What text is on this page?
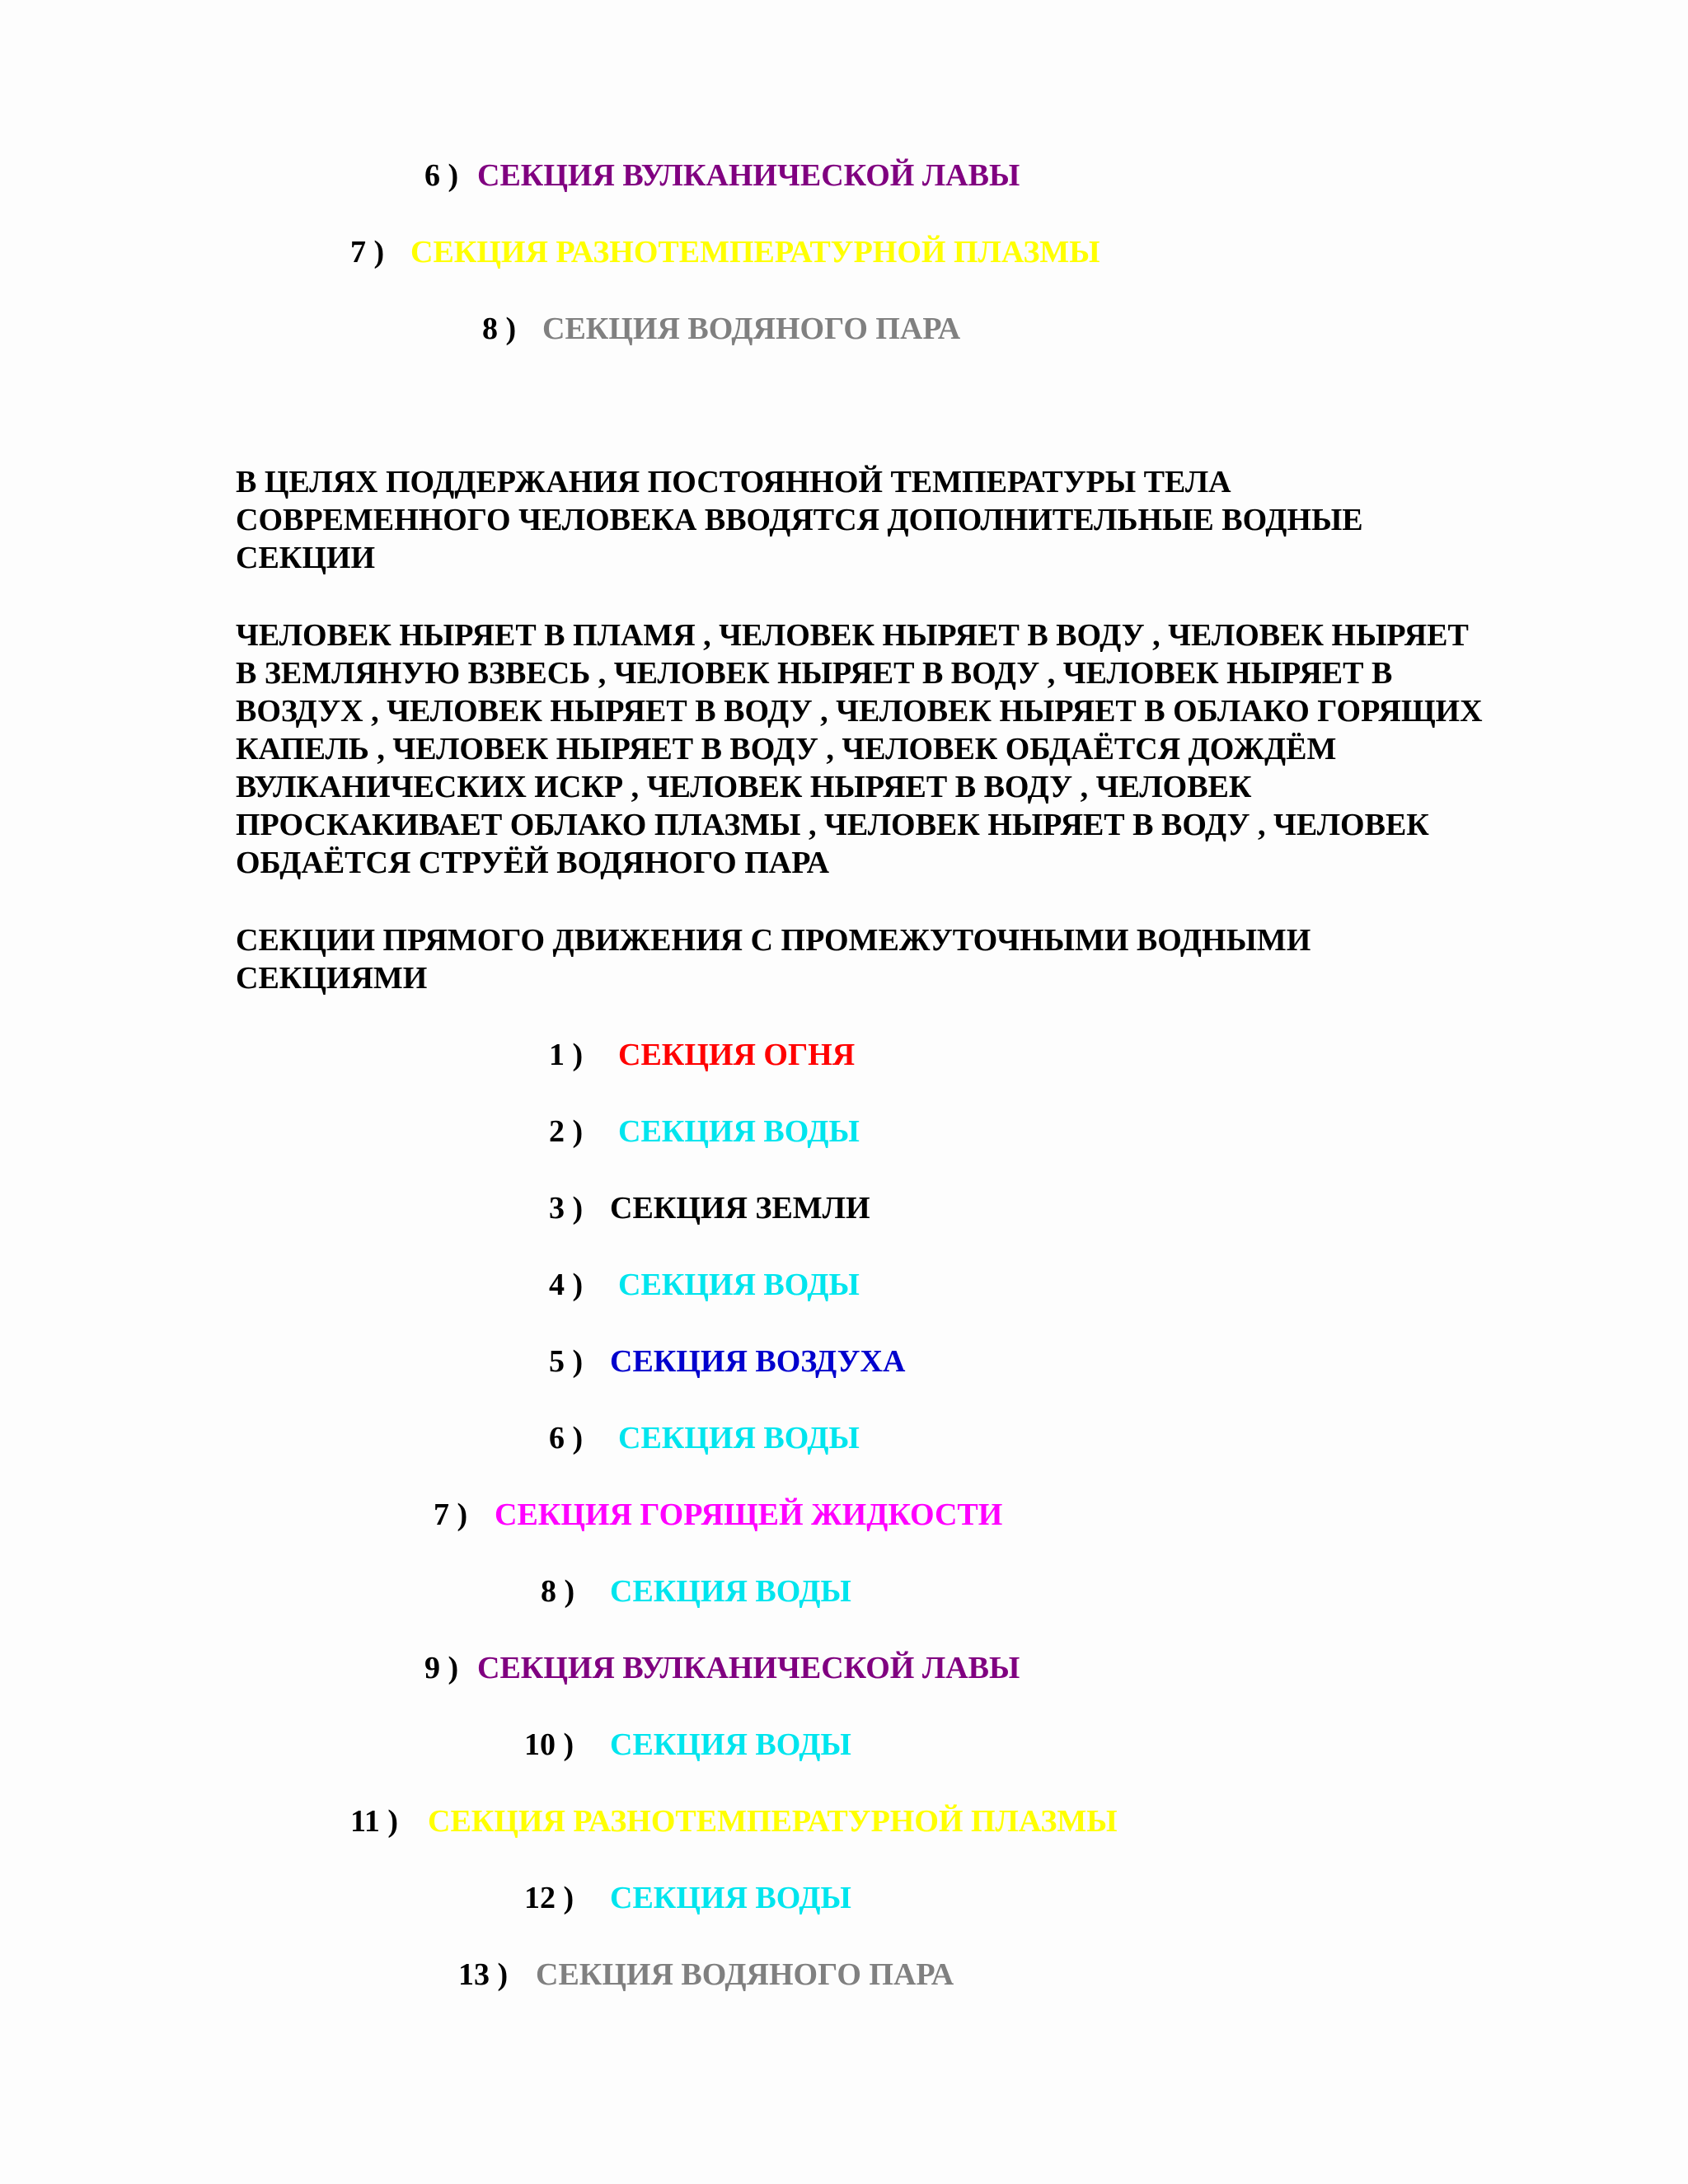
6 ) СЕКЦИЯ ВУЛКАНИЧЕСКОЙ ЛАВЫ
7 ) СЕКЦИЯ РАЗНОТЕМПЕРАТУРНОЙ ПЛАЗМЫ
8 ) СЕКЦИЯ ВОДЯНОГО ПАРА
В ЦЕЛЯХ ПОДДЕРЖАНИЯ ПОСТОЯННОЙ ТЕМПЕРАТУРЫ ТЕЛА
СОВРЕМЕННОГО ЧЕЛОВЕКА ВВОДЯТСЯ ДОПОЛНИТЕЛЬНЫЕ ВОДНЫЕ
СЕКЦИИ
ЧЕЛОВЕК НЫРЯЕТ В ПЛАМЯ , ЧЕЛОВЕК НЫРЯЕТ В ВОДУ , ЧЕЛОВЕК НЫРЯЕТ
В ЗЕМЛЯНУЮ ВЗВЕСЬ , ЧЕЛОВЕК НЫРЯЕТ В ВОДУ , ЧЕЛОВЕК НЫРЯЕТ В
ВОЗДУХ , ЧЕЛОВЕК НЫРЯЕТ В ВОДУ , ЧЕЛОВЕК НЫРЯЕТ В ОБЛАКО ГОРЯЩИХ
КАПЕЛЬ , ЧЕЛОВЕК НЫРЯЕТ В ВОДУ , ЧЕЛОВЕК ОБДАЁТСЯ ДОЖДЁМ
ВУЛКАНИЧЕСКИХ ИСКР , ЧЕЛОВЕК НЫРЯЕТ В ВОДУ , ЧЕЛОВЕК
ПРОСКАКИВАЕТ ОБЛАКО ПЛАЗМЫ , ЧЕЛОВЕК НЫРЯЕТ В ВОДУ , ЧЕЛОВЕК
ОБДАЁТСЯ СТРУЁЙ ВОДЯНОГО ПАРА
СЕКЦИИ ПРЯМОГО ДВИЖЕНИЯ С ПРОМЕЖУТОЧНЫМИ ВОДНЫМИ
СЕКЦИЯМИ
1 ) СЕКЦИЯ ОГНЯ
2 ) СЕКЦИЯ ВОДЫ
3 ) СЕКЦИЯ ЗЕМЛИ
4 ) СЕКЦИЯ ВОДЫ
5 ) СЕКЦИЯ ВОЗДУХА
6 ) СЕКЦИЯ ВОДЫ
7 ) СЕКЦИЯ ГОРЯЩЕЙ ЖИДКОСТИ
8 ) СЕКЦИЯ ВОДЫ
9 ) СЕКЦИЯ ВУЛКАНИЧЕСКОЙ ЛАВЫ
10 ) СЕКЦИЯ ВОДЫ
11 ) СЕКЦИЯ РАЗНОТЕМПЕРАТУРНОЙ ПЛАЗМЫ
12 ) СЕКЦИЯ ВОДЫ
13 ) СЕКЦИЯ ВОДЯНОГО ПАРА
